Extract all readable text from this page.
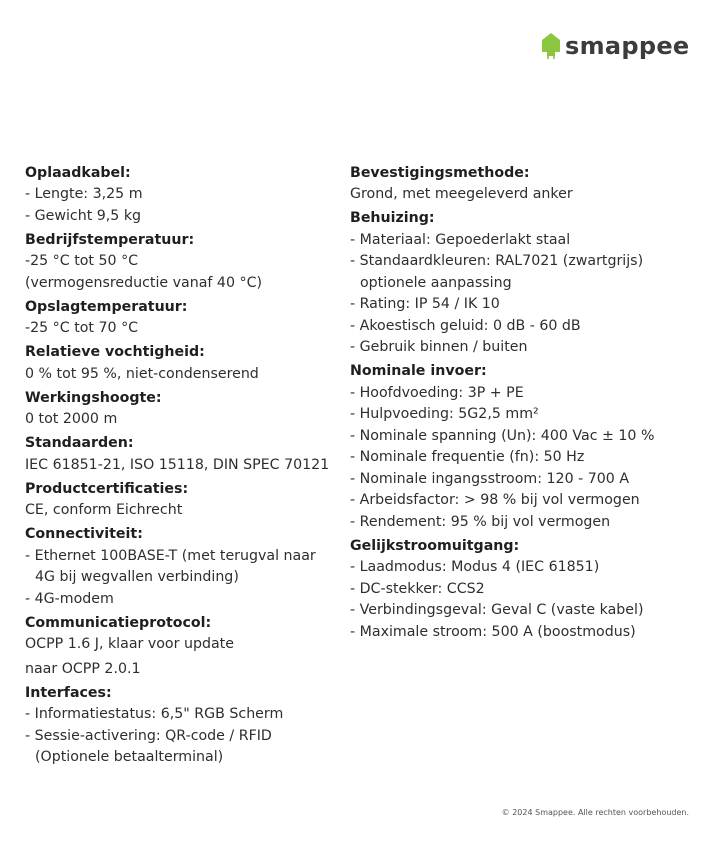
smappee
Oplaadkabel:
- Lengte: 3,25 m
- Gewicht 9,5 kg
Bedrijfstemperatuur:
-25 °C tot 50 °C
(vermogensreductie vanaf 40 °C)
Opslagtemperatuur:
-25 °C tot 70 °C
Relatieve vochtigheid:
0 % tot 95 %, niet-condenserend
Werkingshoogte:
0 tot 2000 m
Standaarden:
IEC 61851-21, ISO 15118, DIN SPEC 70121
Productcertificaties:
CE, conform Eichrecht
Connectiviteit:
- Ethernet 100BASE-T (met terugval naar
4G bij wegvallen verbinding)
- 4G-modem
Communicatieprotocol:
OCPP 1.6 J, klaar voor update
naar OCPP 2.0.1
Interfaces:
- Informatiestatus: 6,5" RGB Scherm
- Sessie-activering: QR-code / RFID
(Optionele betaalterminal)
Bevestigingsmethode:
Grond, met meegeleverd anker
Behuizing:
- Materiaal: Gepoederlakt staal
- Standaardkleuren: RAL7021 (zwartgrijs)
optionele aanpassing
- Rating: IP 54 / IK 10
- Akoestisch geluid: 0 dB - 60 dB
- Gebruik binnen / buiten
Nominale invoer:
- Hoofdvoeding: 3P + PE
- Hulpvoeding: 5G2,5 mm²
- Nominale spanning (Un): 400 Vac ± 10 %
- Nominale frequentie (fn): 50 Hz
- Nominale ingangsstroom: 120 - 700 A
- Arbeidsfactor: > 98 % bij vol vermogen
- Rendement: 95 % bij vol vermogen
Gelijkstroomuitgang:
- Laadmodus: Modus 4 (IEC 61851)
- DC-stekker: CCS2
- Verbindingsgeval: Geval C (vaste kabel)
- Maximale stroom: 500 A (boostmodus)
© 2024 Smappee. Alle rechten voorbehouden.
